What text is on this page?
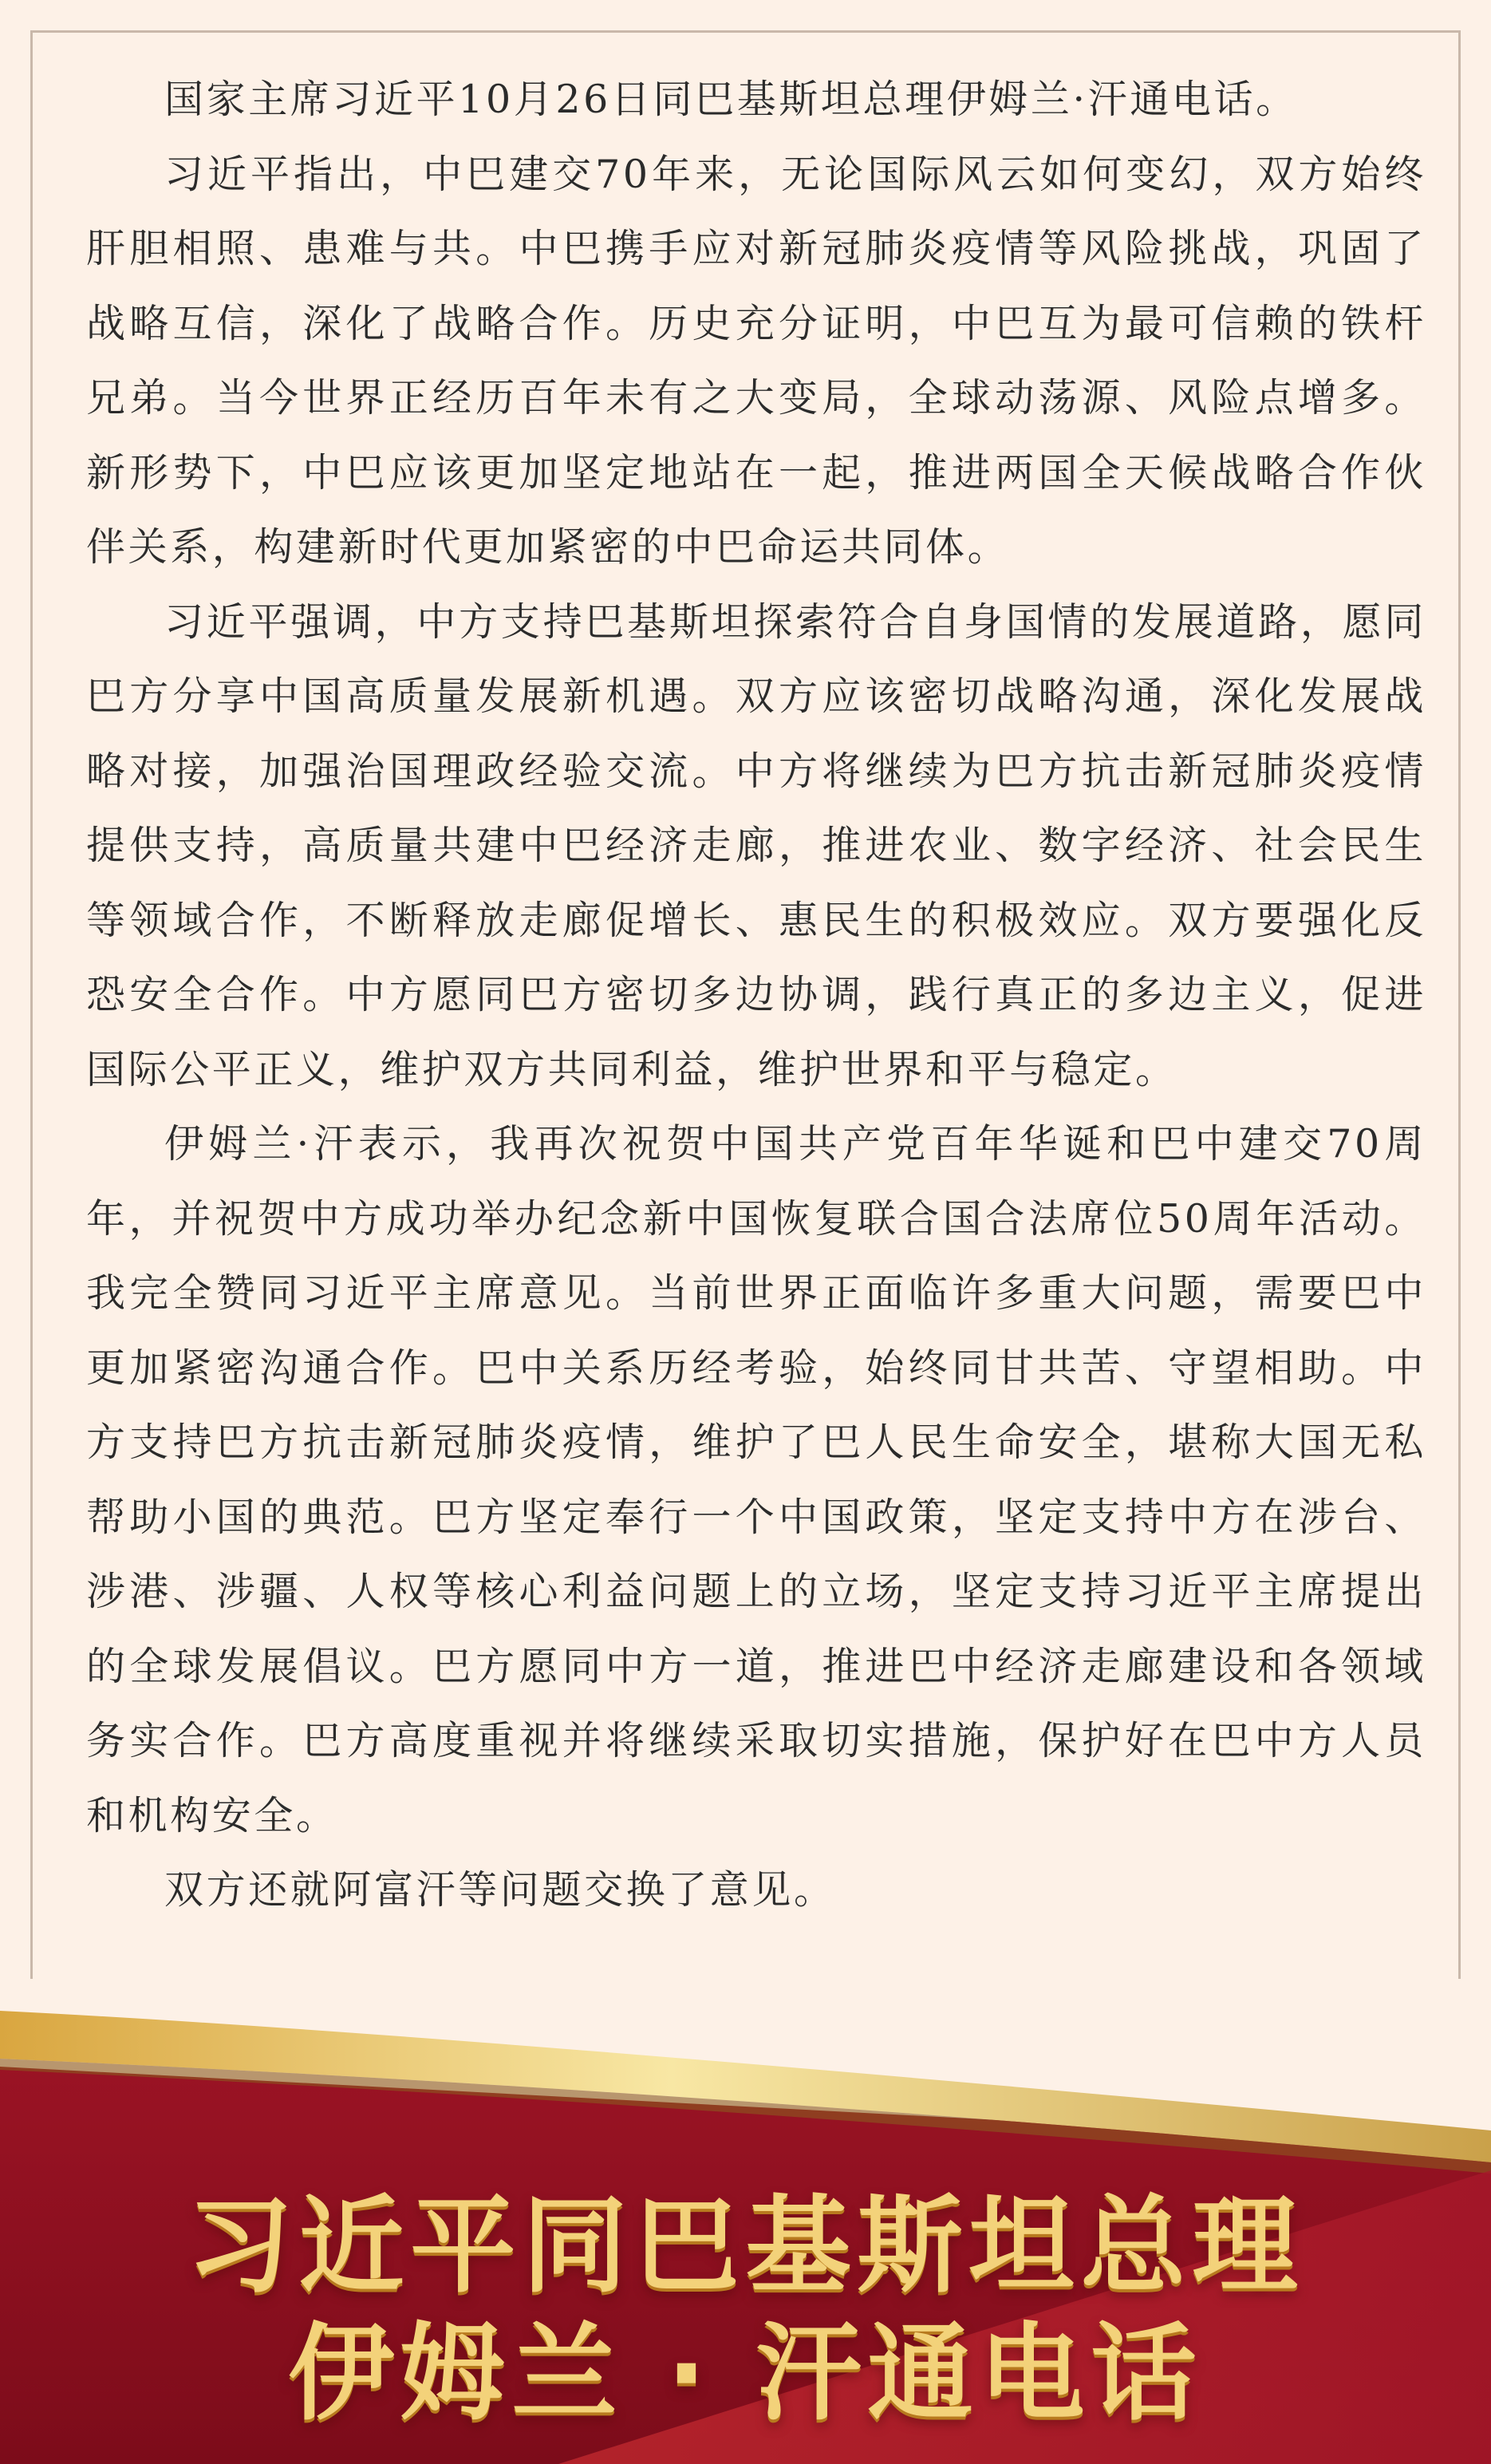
国家主席习近平10月26日同巴基斯坦总理伊姆兰·汗通电话。

习近平指出，中巴建交70年来，无论国际风云如何变幻，双方始终肝胆相照、患难与共。中巴携手应对新冠肺炎疫情等风险挑战，巩固了战略互信，深化了战略合作。历史充分证明，中巴互为最可信赖的铁杆兄弟。当今世界正经历百年未有之大变局，全球动荡源、风险点增多。新形势下，中巴应该更加坚定地站在一起，推进两国全天候战略合作伙伴关系，构建新时代更加紧密的中巴命运共同体。

习近平强调，中方支持巴基斯坦探索符合自身国情的发展道路，愿同巴方分享中国高质量发展新机遇。双方应该密切战略沟通，深化发展战略对接，加强治国理政经验交流。中方将继续为巴方抗击新冠肺炎疫情提供支持，高质量共建中巴经济走廊，推进农业、数字经济、社会民生等领域合作，不断释放走廊促增长、惠民生的积极效应。双方要强化反恐安全合作。中方愿同巴方密切多边协调，践行真正的多边主义，促进国际公平正义，维护双方共同利益，维护世界和平与稳定。

伊姆兰·汗表示，我再次祝贺中国共产党百年华诞和巴中建交70周年，并祝贺中方成功举办纪念新中国恢复联合国合法席位50周年活动。我完全赞同习近平主席意见。当前世界正面临许多重大问题，需要巴中更加紧密沟通合作。巴中关系历经考验，始终同甘共苦、守望相助。中方支持巴方抗击新冠肺炎疫情，维护了巴人民生命安全，堪称大国无私帮助小国的典范。巴方坚定奉行一个中国政策，坚定支持中方在涉台、涉港、涉疆、人权等核心利益问题上的立场，坚定支持习近平主席提出的全球发展倡议。巴方愿同中方一道，推进巴中经济走廊建设和各领域务实合作。巴方高度重视并将继续采取切实措施，保护好在巴中方人员和机构安全。

双方还就阿富汗等问题交换了意见。

习近平同巴基斯坦总理
伊姆兰 · 汗通电话
